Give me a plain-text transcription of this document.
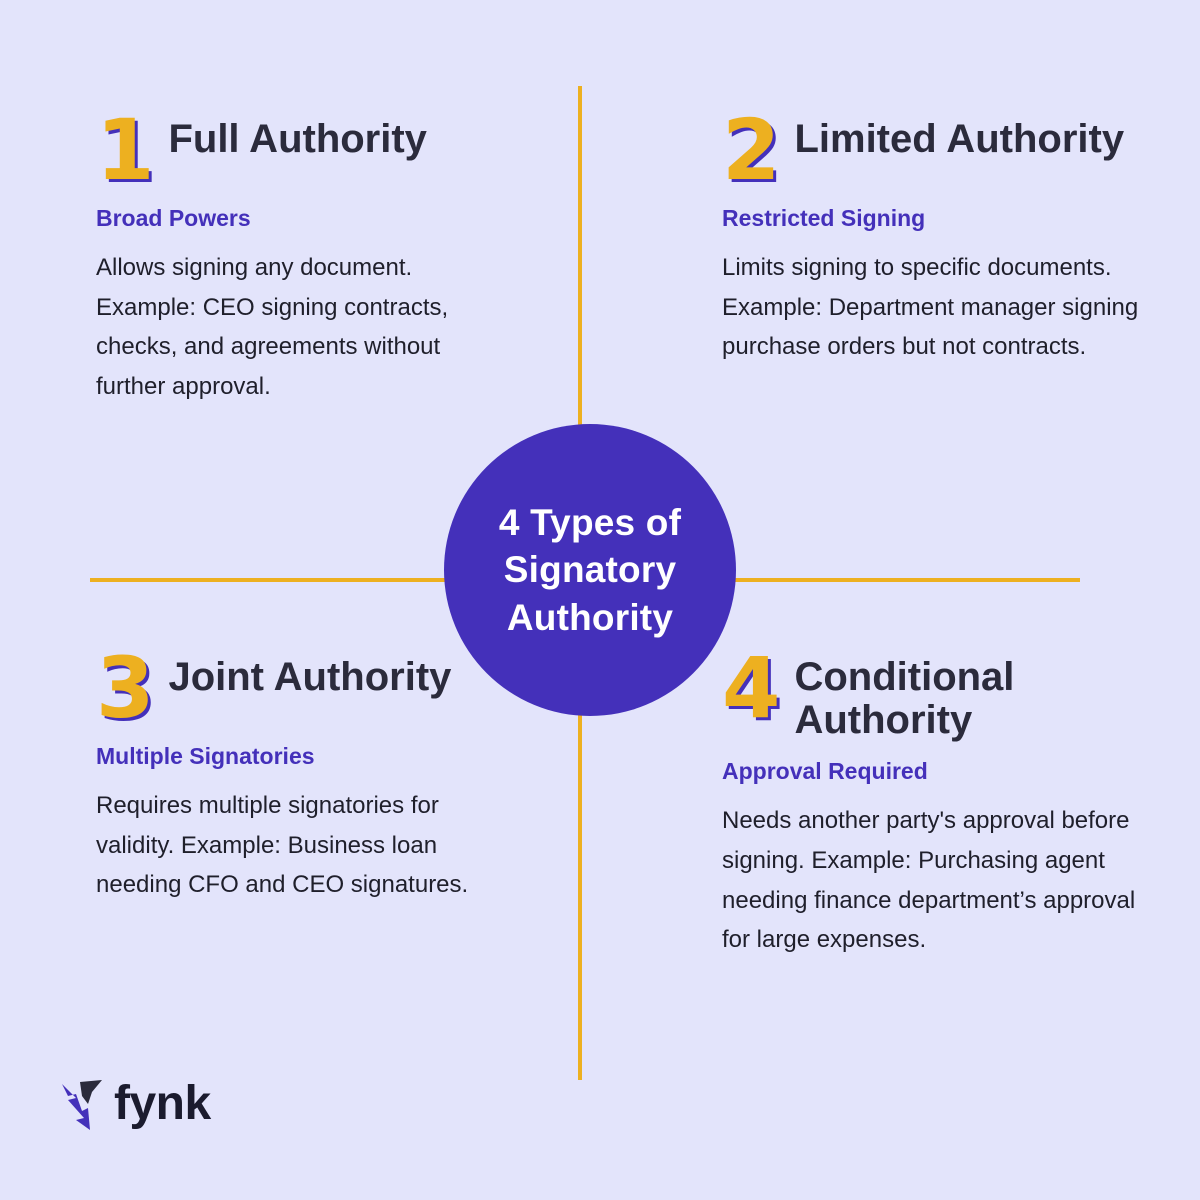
1 Full Authority
Broad Powers
Allows signing any document. Example: CEO signing contracts, checks, and agreements without further approval.
2 Limited Authority
Restricted Signing
Limits signing to specific documents. Example: Department manager signing purchase orders but not contracts.
3 Joint Authority
Multiple Signatories
Requires multiple signatories for validity. Example: Business loan needing CFO and CEO signatures.
4 Conditional Authority
Approval Required
Needs another party's approval before signing. Example: Purchasing agent needing finance department’s approval for large expenses.
4 Types of Signatory Authority
fynk
